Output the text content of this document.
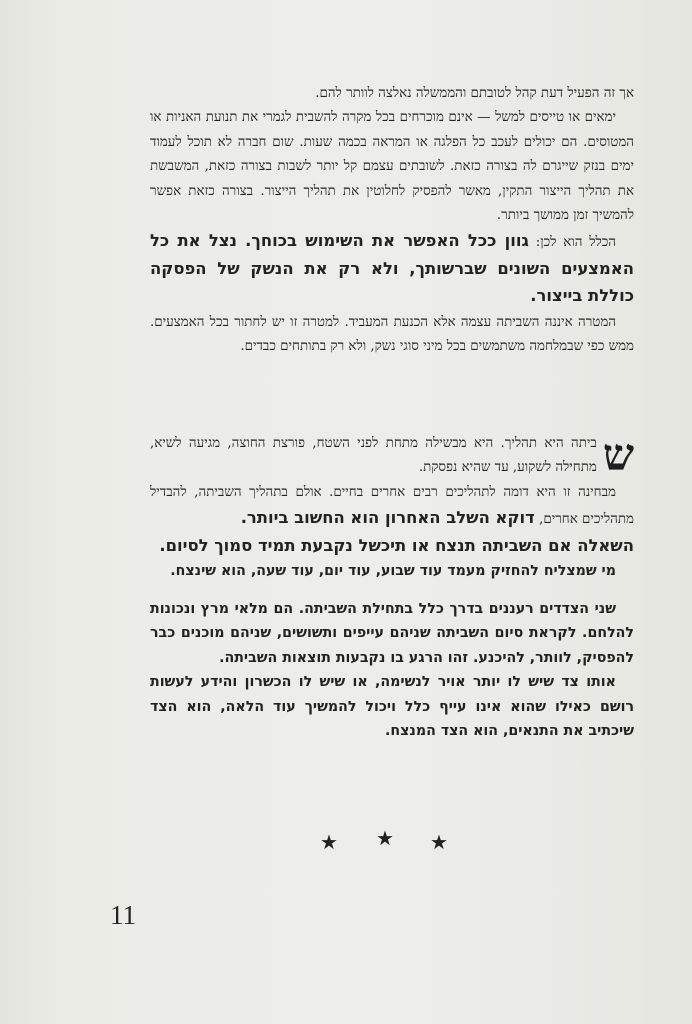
אך זה הפעיל דעת קהל לטובתם והממשלה נאלצה לוותר להם.

ימאים או טייסים למשל — אינם מוכרחים בכל מקרה להשבית לגמרי את תנועת האניות או המטוסים. הם יכולים לעכב כל הפלגה או המראה בכמה שעות. שום חברה לא תוכל לעמוד ימים בנזק שייגרם לה בצורה כזאת. לשובתים עצמם קל יותר לשבות בצורה כזאת, המשבשת את תהליך הייצור התקין, מאשר להפסיק לחלוטין את תהליך הייצור. בצורה כזאת אפשר להמשיך זמן ממושך ביותר.

הכלל הוא לכן: גוון ככל האפשר את השימוש בכוחך. נצל את כל האמצעים השונים שברשותך, ולא רק את הנשק של הפסקה כוללת בייצור.

המטרה איננה השביתה עצמה אלא הכנעת המעביד. למטרה זו יש לחתור בכל האמצעים. ממש כפי שבמלחמה משתמשים בכל מיני סוגי נשק, ולא רק בתותחים כבדים.

ש
ביתה היא תהליך. היא מבשילה מתחת לפני השטח, פורצת החוצה, מגיעה לשיא, מתחילה לשקוע, עד שהיא נפסקת.

מבחינה זו היא דומה לתהליכים רבים אחרים בחיים. אולם בתהליך השביתה, להבדיל מתהליכים אחרים, דוקא השלב האחרון הוא החשוב ביותר.

השאלה אם השביתה תנצח או תיכשל נקבעת תמיד סמוך לסיום.

מי שמצליח להחזיק מעמד עוד שבוע, עוד יום, עוד שעה, הוא שינצח.

שני הצדדים רעננים בדרך כלל בתחילת השביתה. הם מלאי מרץ ונכונות להלחם. לקראת סיום השביתה שניהם עייפים ותשושים, שניהם מוכנים כבר להפסיק, לוותר, להיכנע. זהו הרגע בו נקבעות תוצאות השביתה.

אותו צד שיש לו יותר אויר לנשימה, או שיש לו הכשרון והידע לעשות רושם כאילו שהוא אינו עייף כלל ויכול להמשיך עוד הלאה, הוא הצד שיכתיב את התנאים, הוא הצד המנצח.

★ ★ ★
11
